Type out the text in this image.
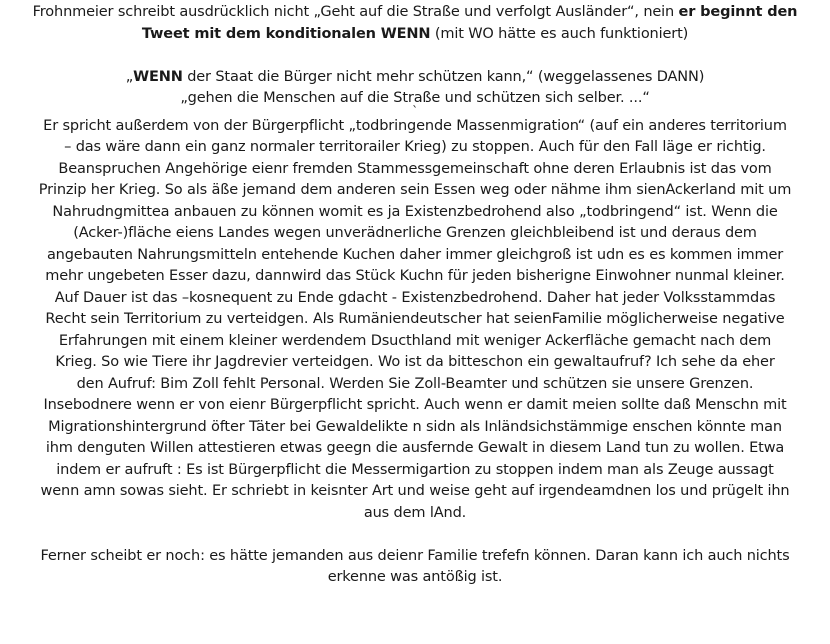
Frohnmeier schreibt ausdrücklich nicht „Geht auf die Straße und verfolgt Ausländer“, nein er beginnt den
Tweet mit dem konditionalen WENN (mit WO hätte es auch funktioniert)
„WENN der Staat die Bürger nicht mehr schützen kann,“ (weggelassenes DANN)
„gehen die Menschen auf die Straße und schützen sich selber. ...“
`
Er spricht außerdem von der Bürgerpflicht „todbringende Massenmigration“ (auf ein anderes territorium
– das wäre dann ein ganz normaler territorailer Krieg) zu stoppen. Auch für den Fall läge er richtig.
Beanspruchen Angehörige eienr fremden Stammessgemeinschaft ohne deren Erlaubnis ist das vom
Prinzip her Krieg. So als äße jemand dem anderen sein Essen weg oder nähme ihm sienAckerland mit um
Nahrudngmittea anbauen zu können womit es ja Existenzbedrohend also „todbringend“ ist. Wenn die
(Acker-)fläche eiens Landes wegen unverädnerliche Grenzen gleichbleibend ist und deraus dem
angebauten Nahrungsmitteln entehende Kuchen daher immer gleichgroß ist udn es es kommen immer
mehr ungebeten Esser dazu, dannwird das Stück Kuchn für jeden bisherigne Einwohner nunmal kleiner.
Auf Dauer ist das –kosnequent zu Ende gdacht - Existenzbedrohend. Daher hat jeder Volksstammdas
Recht sein Territorium zu verteidgen. Als Rumäniendeutscher hat seienFamilie möglicherweise negative
Erfahrungen mit einem kleiner werdendem Dsucthland mit weniger Ackerfläche gemacht nach dem
Krieg. So wie Tiere ihr Jagdrevier verteidgen. Wo ist da bitteschon ein gewaltaufruf? Ich sehe da eher
den Aufruf: Bim Zoll fehlt Personal. Werden Sie Zoll-Beamter und schützen sie unsere Grenzen.
Insebodnere wenn er von eienr Bürgerpflicht spricht. Auch wenn er damit meien sollte daß Menschn mit
Migrationshintergrund öfter Täter bei Gewaldelikte n sidn als Inländsichstämmige enschen könnte man
ihm denguten Willen attestieren etwas geegn die ausfernde Gewalt in diesem Land tun zu wollen. Etwa
indem er aufruft : Es ist Bürgerpflicht die Messermigartion zu stoppen indem man als Zeuge aussagt
wenn amn sowas sieht. Er schriebt in keisnter Art und weise geht auf irgendeamdnen los und prügelt ihn
aus dem lAnd.
Ferner scheibt er noch: es hätte jemanden aus deienr Familie trefefn können. Daran kann ich auch nichts
erkenne was antößig ist.
